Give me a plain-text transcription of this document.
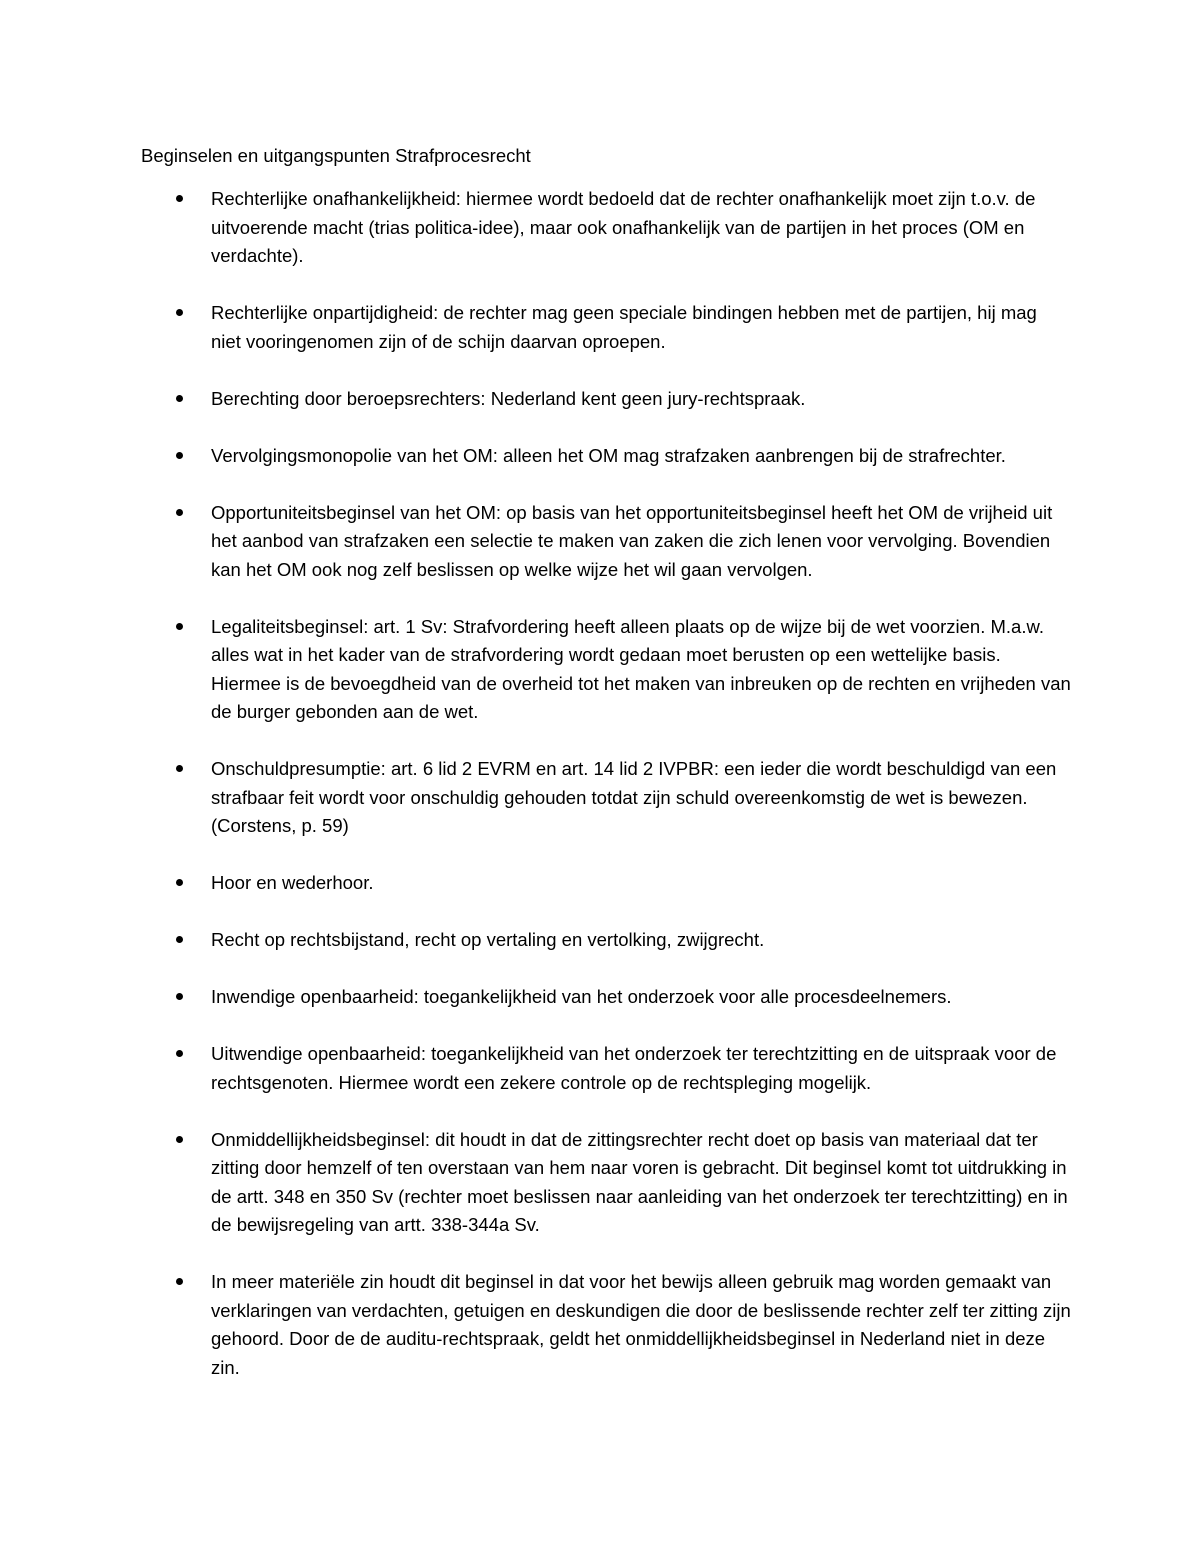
Beginselen en uitgangspunten Strafprocesrecht
Rechterlijke onafhankelijkheid: hiermee wordt bedoeld dat de rechter onafhankelijk moet zijn t.o.v. de uitvoerende macht (trias politica-idee), maar ook onafhankelijk van de partijen in het proces (OM en verdachte).
Rechterlijke onpartijdigheid: de rechter mag geen speciale bindingen hebben met de partijen, hij mag niet vooringenomen zijn of de schijn daarvan oproepen.
Berechting door beroepsrechters: Nederland kent geen jury-rechtspraak.
Vervolgingsmonopolie van het OM: alleen het OM mag strafzaken aanbrengen bij de strafrechter.
Opportuniteitsbeginsel van het OM: op basis van het opportuniteitsbeginsel heeft het OM de vrijheid uit het aanbod van strafzaken een selectie te maken van zaken die zich lenen voor vervolging. Bovendien kan het OM ook nog zelf beslissen op welke wijze het wil gaan vervolgen.
Legaliteitsbeginsel: art. 1 Sv: Strafvordering heeft alleen plaats op de wijze bij de wet voorzien. M.a.w. alles wat in het kader van de strafvordering wordt gedaan moet berusten op een wettelijke basis. Hiermee is de bevoegdheid van de overheid tot het maken van inbreuken op de rechten en vrijheden van de burger gebonden aan de wet.
Onschuldpresumptie: art. 6 lid 2 EVRM en art. 14 lid 2 IVPBR: een ieder die wordt beschuldigd van een strafbaar feit wordt voor onschuldig gehouden totdat zijn schuld overeenkomstig de wet is bewezen. (Corstens, p. 59)
Hoor en wederhoor.
Recht op rechtsbijstand, recht op vertaling en vertolking, zwijgrecht.
Inwendige openbaarheid: toegankelijkheid van het onderzoek voor alle procesdeelnemers.
Uitwendige openbaarheid: toegankelijkheid van het onderzoek ter terechtzitting en de uitspraak voor de rechtsgenoten. Hiermee wordt een zekere controle op de rechtspleging mogelijk.
Onmiddellijkheidsbeginsel: dit houdt in dat de zittingsrechter recht doet op basis van materiaal dat ter zitting door hemzelf of ten overstaan van hem naar voren is gebracht. Dit beginsel komt tot uitdrukking in de artt. 348 en 350 Sv (rechter moet beslissen naar aanleiding van het onderzoek ter terechtzitting) en in de bewijsregeling van artt. 338-344a Sv.
In meer materiële zin houdt dit beginsel in dat voor het bewijs alleen gebruik mag worden gemaakt van verklaringen van verdachten, getuigen en deskundigen die door de beslissende rechter zelf ter zitting zijn gehoord. Door de de auditu-rechtspraak, geldt het onmiddellijkheidsbeginsel in Nederland niet in deze zin.
